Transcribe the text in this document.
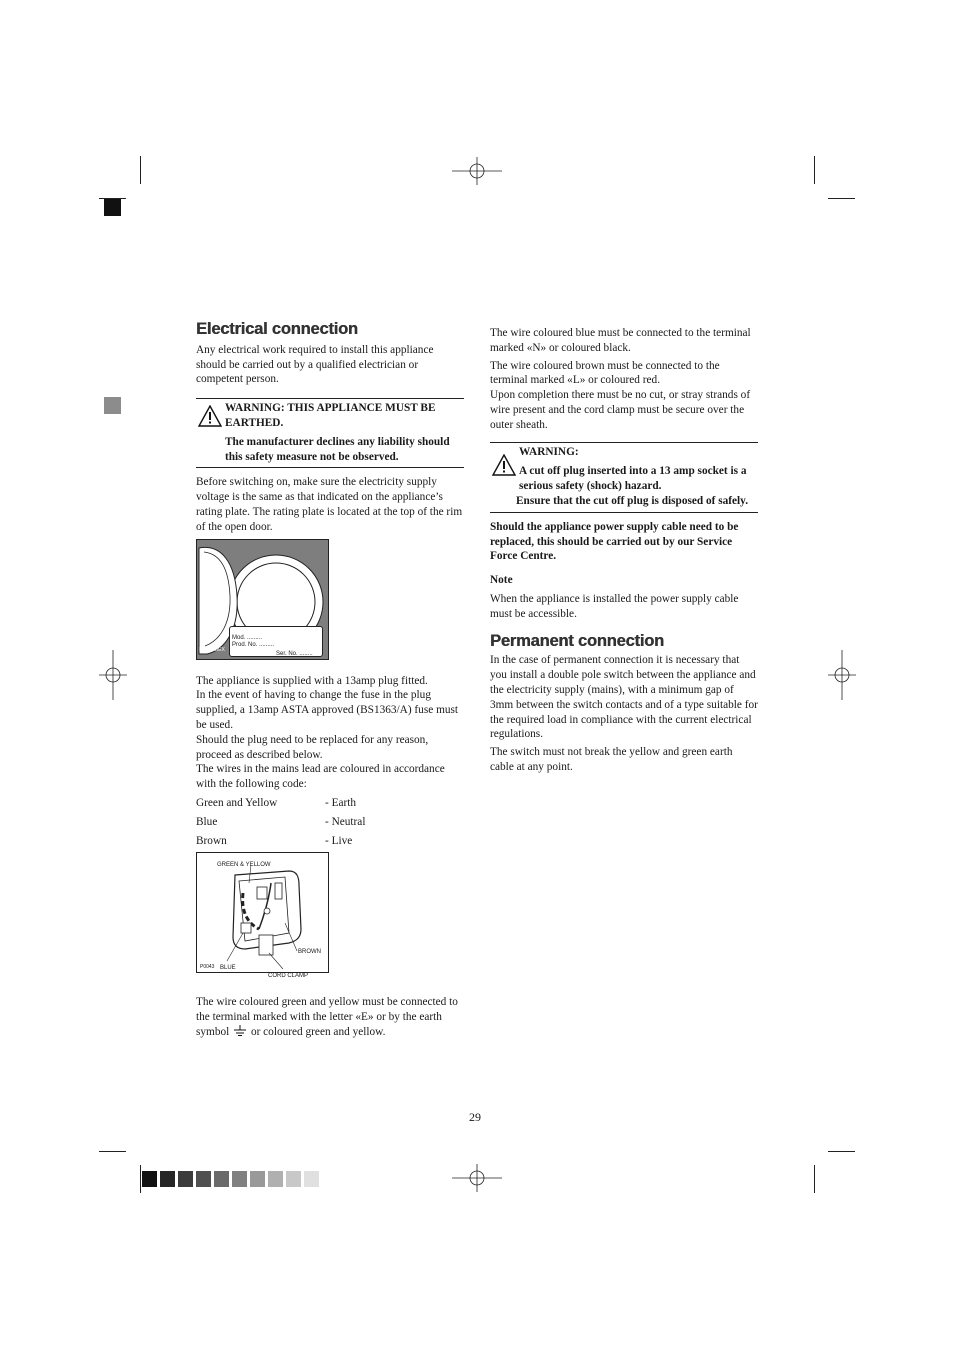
Electrical connection

Any electrical work required to install this appliance should be carried out by a qualified electrician or competent person.

WARNING: THIS APPLIANCE MUST BE EARTHED.

The manufacturer declines any liability should this safety measure not be observed.

Before switching on, make sure the electricity supply voltage is the same as that indicated on the appliance’s rating plate. The rating plate is located at the top of the rim of the open door.

Mod. .........
Prod. No. .........
Ser. No. ........
P0042 BEX

The appliance is supplied with a 13amp plug fitted.

In the event of having to change the fuse in the plug supplied, a 13amp ASTA approved (BS1363/A) fuse must be used.

Should the plug need to be replaced for any reason, proceed as described below.

The wires in the mains lead are coloured in accordance with the following code:

Green and Yellow	- Earth
Blue	- Neutral
Brown	- Live
GREEN & YELLOW
BROWN
BLUE
CORD CLAMP
P0043

The wire coloured green and yellow must be connected to the terminal marked with the letter «E» or by the earth symbol or coloured green and yellow.

The wire coloured blue must be connected to the terminal marked «N» or coloured black.

The wire coloured brown must be connected to the terminal marked «L» or coloured red.

Upon completion there must be no cut, or stray strands of wire present and the cord clamp must be secure over the outer sheath.

WARNING:

A cut off plug inserted into a 13 amp socket is a serious safety (shock) hazard.

Ensure that the cut off plug is disposed of safely.

Should the appliance power supply cable need to be replaced, this should be carried out by our Service Force Centre.

Note

When the appliance is installed the power supply cable must be accessible.

Permanent connection

In the case of permanent connection it is necessary that you install a double pole switch between the appliance and the electricity supply (mains), with a minimum gap of 3mm between the switch contacts and of a type suitable for the required load in compliance with the current electrical regulations.

The switch must not break the yellow and green earth cable at any point.

29
